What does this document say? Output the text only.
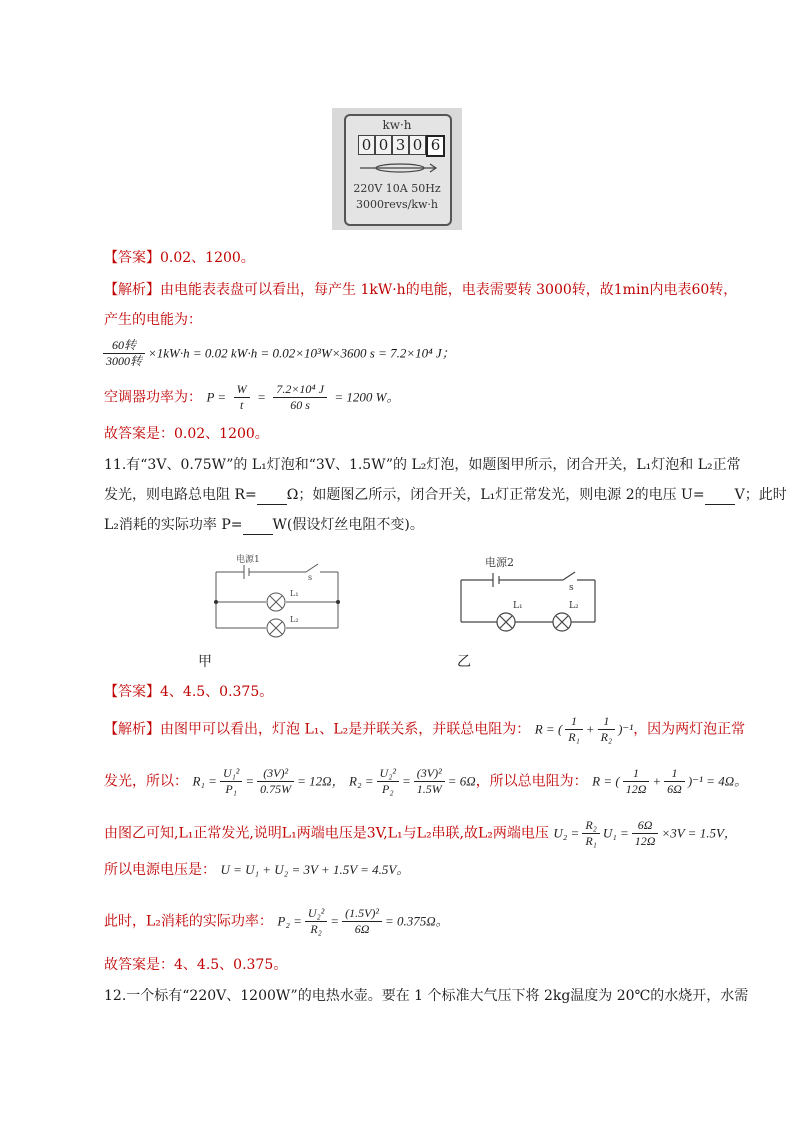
kw·h
0 0 3 0 6
220V 10A 50Hz
3000revs/kw·h
【答案】0.02、1200。
【解析】由电能表表盘可以看出，每产生 1kW·h的电能，电表需要转 3000转，故1min内电表60转，
产生的电能为：
$\frac{\text{60转}}{\text{3000转}} \times 1kW\cdot h = 0.02$ kW·h = 0.02×10³W×3600 s = 7.2×10⁴ J；
空调器功率为： $P = \frac{W}{t} = \frac{\text{7.2×10⁴ J}}{60 s} = 1200$ W。
故答案是：0.02、1200。
11.有“3V、0.75W”的 L₁灯泡和“3V、1.5W”的 L₂灯泡，如题图甲所示，闭合开关，L₁灯泡和 L₂正常
发光，则电路总电阻 R= Ω；如题图乙所示，闭合开关，L₁灯正常发光，则电源 2的电压 U= V；此时
L₂消耗的实际功率 P= W(假设灯丝电阻不变)。
电源1
s
L₁
L₂
甲
电源2
s
L₁	L₂
乙
【答案】4、4.5、0.375。
【解析】由图甲可以看出，灯泡 L₁、L₂是并联关系，并联总电阻为： R = ( $\frac{1}{\text{R₁}} + \frac{1}{\text{R₂}} )^{-1}$，因为两灯泡正常
发光，所以： $R_1 = \frac{\text{U₁²}}{\text{P₁}} = \frac{\text{(3V)²}}{0.75W} = 12\Omega$， $R_2 = \frac{\text{U₂²}}{\text{P₂}} = \frac{\text{(3V)²}}{1.5W} = 6\Omega$，所以总电阻为： R = ( $\frac{1}{12\Omega} + \frac{1}{6\Omega} )^{-1} = 4\Omega$。
由图乙可知,L₁正常发光,说明L₁两端电压是3V,L₁与L₂串联,故L₂两端电压 $U_2 = \frac{\text{R₂}}{\text{R₁}} U_1 = \frac{6\Omega}{12\Omega} \times 3V = 1.5V$，
所以电源电压是： U = U₁ + U₂ = 3V + 1.5V = 4.5V。
此时，L₂消耗的实际功率： $P_2 = \frac{\text{U₂²}}{\text{R₂}} = \frac{\text{(1.5V)²}}{6\Omega} = 0.375\Omega$。
故答案是：4、4.5、0.375。
12.一个标有“220V、1200W”的电热水壶。要在 1 个标准大气压下将 2kg温度为 20℃的水烧开，水需
